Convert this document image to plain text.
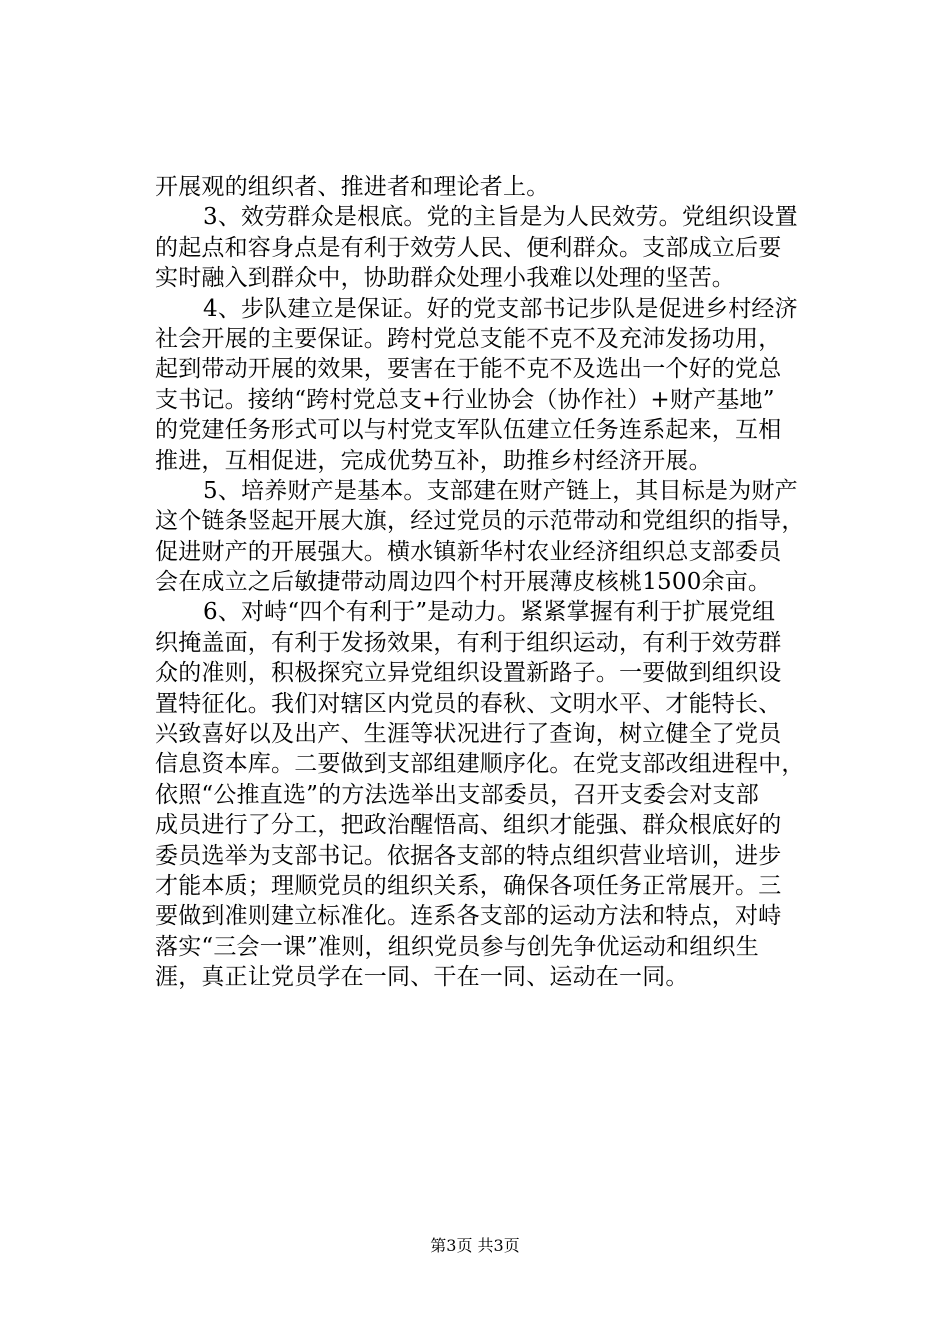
开展观的组织者、推进者和理论者上。
3、效劳群众是根底。党的主旨是为人民效劳。党组织设置
的起点和容身点是有利于效劳人民、便利群众。支部成立后要
实时融入到群众中，协助群众处理小我难以处理的坚苦。
4、步队建立是保证。好的党支部书记步队是促进乡村经济
社会开展的主要保证。跨村党总支能不克不及充沛发扬功用，
起到带动开展的效果，要害在于能不克不及选出一个好的党总
支书记。接纳“跨村党总支+行业协会（协作社）+财产基地”
的党建任务形式可以与村党支军队伍建立任务连系起来，互相
推进，互相促进，完成优势互补，助推乡村经济开展。
5、培养财产是基本。支部建在财产链上，其目标是为财产
这个链条竖起开展大旗，经过党员的示范带动和党组织的指导，
促进财产的开展强大。横水镇新华村农业经济组织总支部委员
会在成立之后敏捷带动周边四个村开展薄皮核桃1500余亩。
6、对峙“四个有利于”是动力。紧紧掌握有利于扩展党组
织掩盖面，有利于发扬效果，有利于组织运动，有利于效劳群
众的准则，积极探究立异党组织设置新路子。一要做到组织设
置特征化。我们对辖区内党员的春秋、文明水平、才能特长、
兴致喜好以及出产、生涯等状况进行了查询，树立健全了党员
信息资本库。二要做到支部组建顺序化。在党支部改组进程中，
依照“公推直选”的方法选举出支部委员，召开支委会对支部
成员进行了分工，把政治醒悟高、组织才能强、群众根底好的
委员选举为支部书记。依据各支部的特点组织营业培训，进步
才能本质；理顺党员的组织关系，确保各项任务正常展开。三
要做到准则建立标准化。连系各支部的运动方法和特点，对峙
落实“三会一课”准则，组织党员参与创先争优运动和组织生
涯，真正让党员学在一同、干在一同、运动在一同。
第3页 共3页
